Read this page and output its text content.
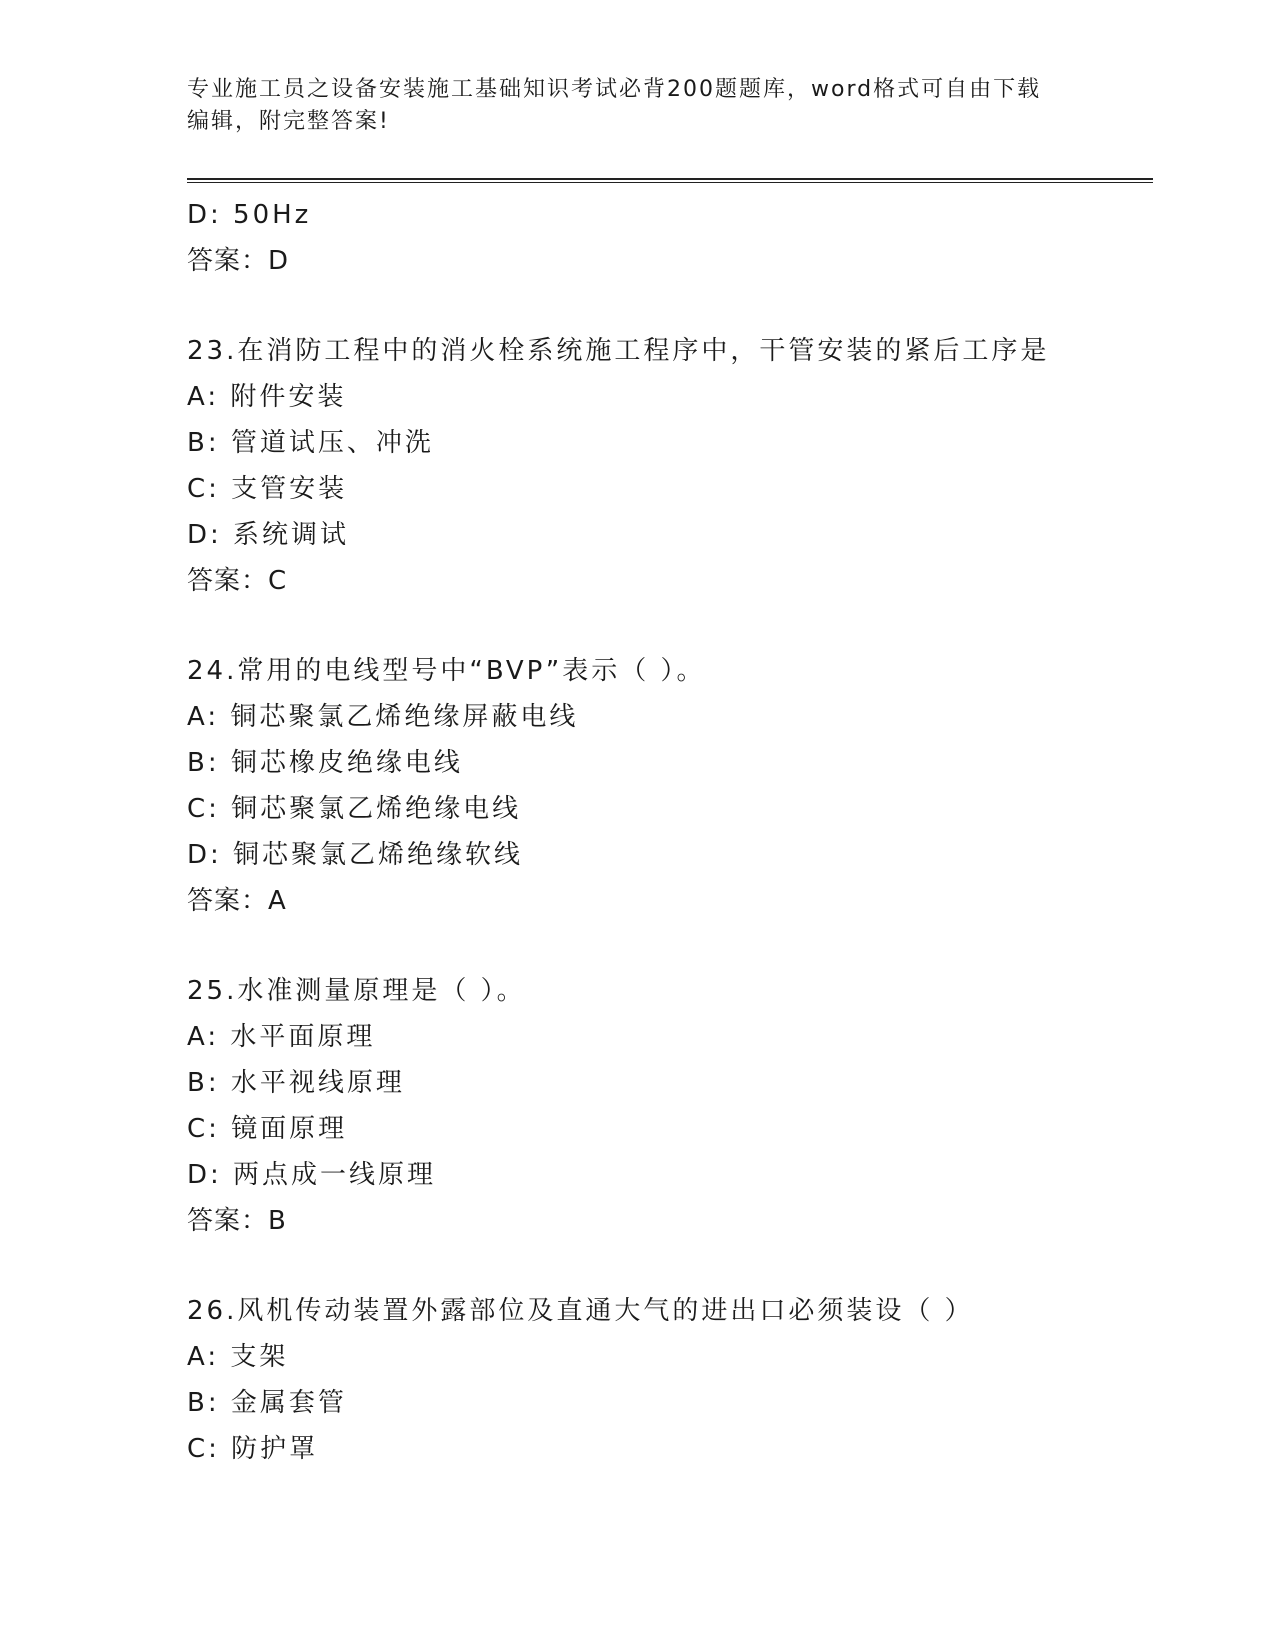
专业施工员之设备安装施工基础知识考试必背200题题库，word格式可自由下载
编辑，附完整答案!
D: 50Hz
答案：D
23.在消防工程中的消火栓系统施工程序中，干管安装的紧后工序是
A: 附件安装
B: 管道试压、冲洗
C: 支管安装
D: 系统调试
答案：C
24.常用的电线型号中“BVP”表示（ ）。
A: 铜芯聚氯乙烯绝缘屏蔽电线
B: 铜芯橡皮绝缘电线
C: 铜芯聚氯乙烯绝缘电线
D: 铜芯聚氯乙烯绝缘软线
答案：A
25.水准测量原理是（ ）。
A: 水平面原理
B: 水平视线原理
C: 镜面原理
D: 两点成一线原理
答案：B
26.风机传动装置外露部位及直通大气的进出口必须装设（ ）
A: 支架
B: 金属套管
C: 防护罩
